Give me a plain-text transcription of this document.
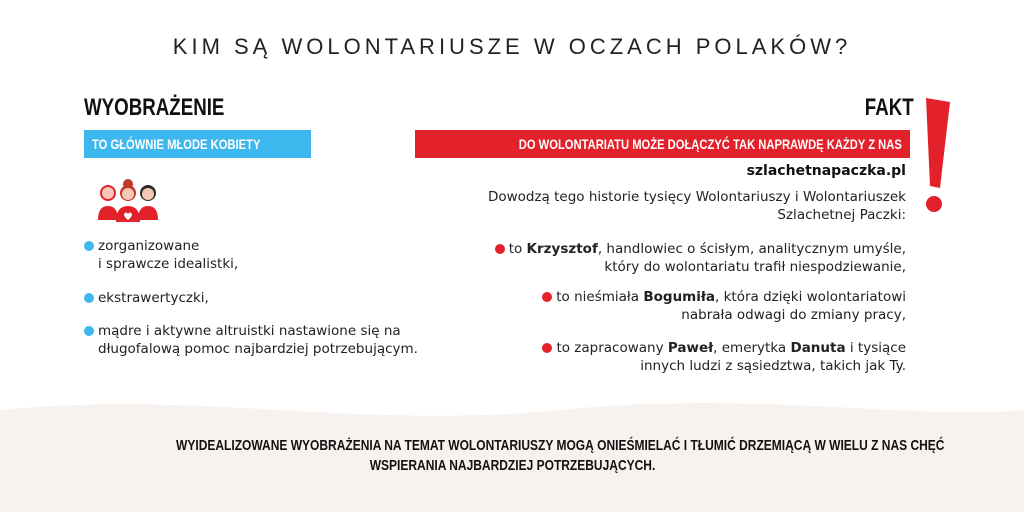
KIM SĄ WOLONTARIUSZE W OCZACH POLAKÓW?
WYOBRAŻENIE
TO GŁÓWNIE MŁODE KOBIETY
zorganizowane
i sprawcze idealistki,
ekstrawertyczki,
mądre i aktywne altruistki nastawione się na
długofalową pomoc najbardziej potrzebującym.
FAKT
DO WOLONTARIATU MOŻE DOŁĄCZYĆ TAK NAPRAWDĘ KAŻDY Z NAS
szlachetnapaczka.pl
Dowodzą tego historie tysięcy Wolontariuszy i Wolontariuszek
Szlachetnej Paczki:
to Krzysztof, handlowiec o ścisłym, analitycznym umyśle,
który do wolontariatu trafił niespodziewanie,
to nieśmiała Bogumiła, która dzięki wolontariatowi
nabrała odwagi do zmiany pracy,
to zapracowany Paweł, emerytka Danuta i tysiące
innych ludzi z sąsiedztwa, takich jak Ty.
WYIDEALIZOWANE WYOBRAŻENIA NA TEMAT WOLONTARIUSZY MOGĄ ONIEŚMIELAĆ I TŁUMIĆ DRZEMIĄCĄ W WIELU Z NAS CHĘĆ
WSPIERANIA NAJBARDZIEJ POTRZEBUJĄCYCH.
